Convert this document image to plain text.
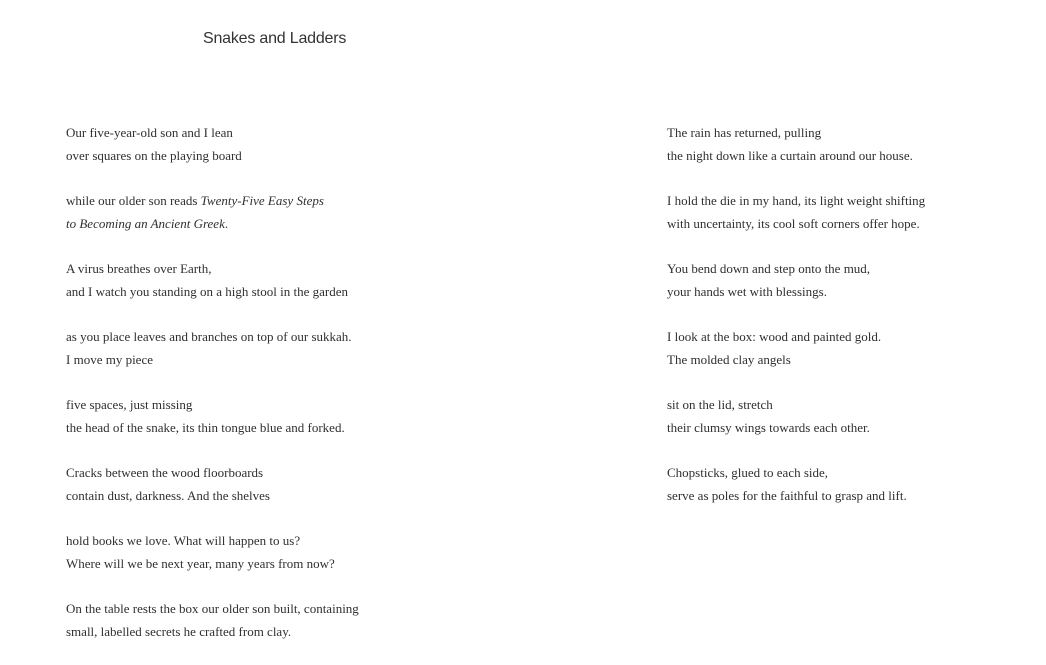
Snakes and Ladders
Our five-year-old son and I lean
over squares on the playing board
while our older son reads Twenty-Five Easy Steps
to Becoming an Ancient Greek.
A virus breathes over Earth,
and I watch you standing on a high stool in the garden
as you place leaves and branches on top of our sukkah.
I move my piece
five spaces, just missing
the head of the snake, its thin tongue blue and forked.
Cracks between the wood floorboards
contain dust, darkness. And the shelves
hold books we love. What will happen to us?
Where will we be next year, many years from now?
On the table rests the box our older son built, containing
small, labelled secrets he crafted from clay.
The rain has returned, pulling
the night down like a curtain around our house.
I hold the die in my hand, its light weight shifting
with uncertainty, its cool soft corners offer hope.
You bend down and step onto the mud,
your hands wet with blessings.
I look at the box: wood and painted gold.
The molded clay angels
sit on the lid, stretch
their clumsy wings towards each other.
Chopsticks, glued to each side,
serve as poles for the faithful to grasp and lift.
